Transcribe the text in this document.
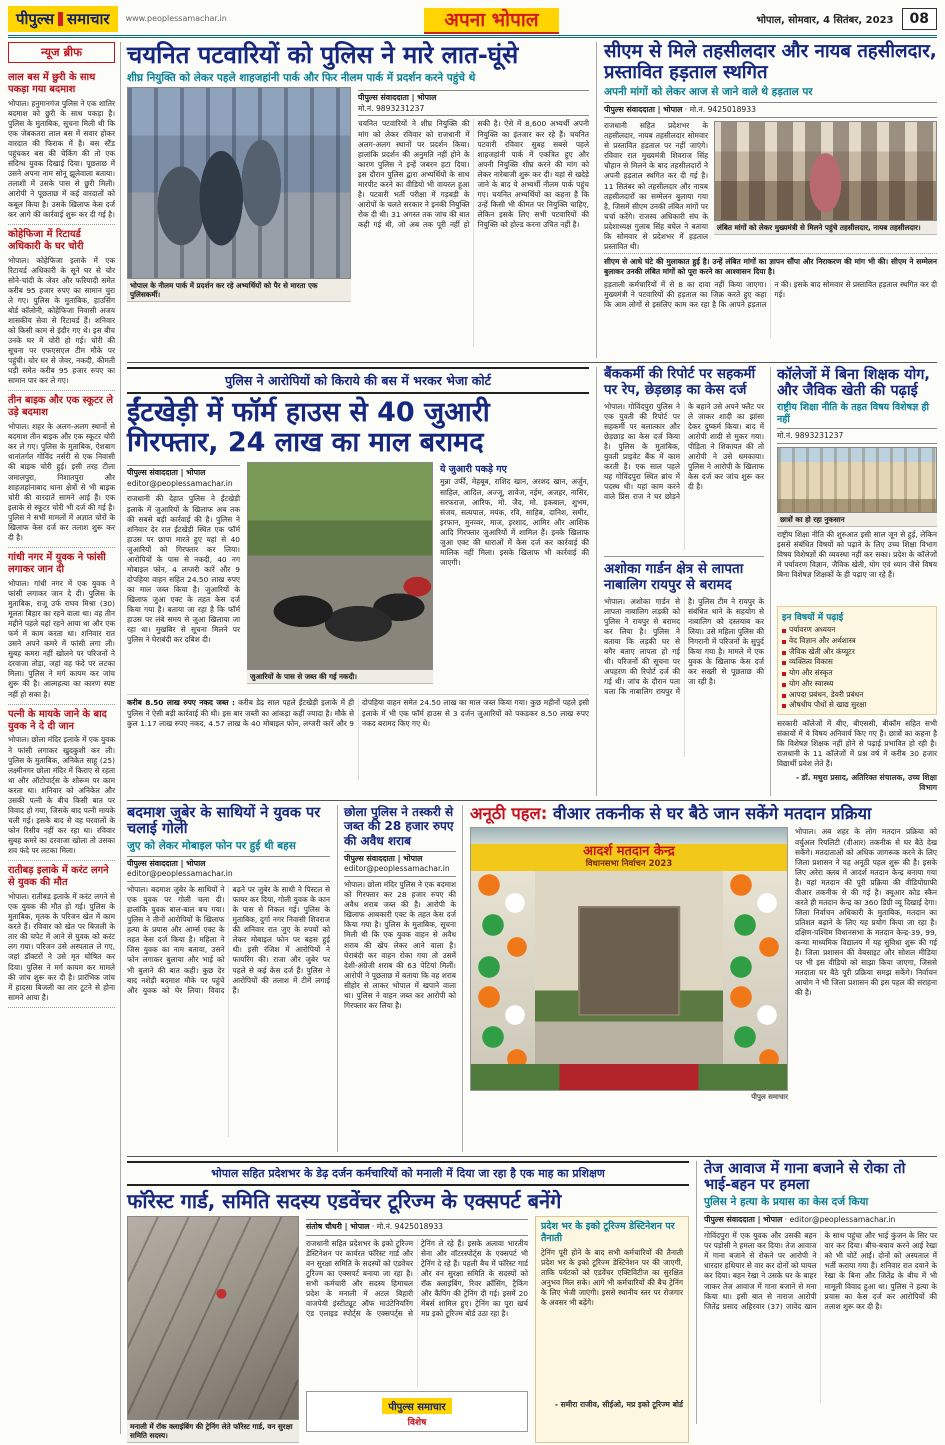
पीपुल्स समाचार www.peoplessamachar.in	अपना भोपाल	भोपाल, सोमवार, 4 सितंबर, 2023	08
न्यूज ब्रीफ
लाल बस में छुरी के साथ पकड़ा गया बदमाश
भोपाल। हनुमानगंज पुलिस ने एक शातिर बदमाश को छुरी के साथ पकड़ा है। पुलिस के मुताबिक, सूचना मिली थी कि एक जेबकतरा लाल बस में सवार होकर वारदात की फिराक में है। बस स्टैंड पहुंचकर बस की चेकिंग की तो एक संदिग्ध युवक दिखाई दिया। पूछताछ में उसने अपना नाम सोनू झूलेवाला बताया। तलाशी में उसके पास से छुरी मिली। आरोपी ने पूछताछ में कई वारदातों को कबूल किया है। उसके खिलाफ केस दर्ज कर आगे की कार्रवाई शुरू कर दी गई है।
कोहेफिजा में रिटायर्ड अधिकारी के घर चोरी
भोपाल। कोहेफिजा इलाके में एक रिटायर्ड अधिकारी के सूने घर से चोर सोने-चांदी के जेवर और फरियादी समेत करीब 95 हजार रुपए का सामान चुरा ले गए। पुलिस के मुताबिक, हाउसिंग बोर्ड कॉलोनी, कोहेफिजा निवासी अजय शासकीय सेवा से रिटायर्ड हैं। शनिवार को किसी काम से इंदौर गए थे। इस बीच उनके घर में चोरी हो गई। चोरी की सूचना पर एफएसएल टीम मौके पर पहुंची। चोर घर से जेवर, नकदी, कीमती घड़ी समेत करीब 95 हजार रुपए का सामान पार कर ले गए।
तीन बाइक और एक स्कूटर ले उड़े बदमाश
भोपाल। शहर के अलग-अलग स्थानों से बदमाश तीन बाइक और एक स्कूटर चोरी कर ले गए। पुलिस के मुताबिक, ऐशबाग थानांतर्गत गोविंद नर्सरी से एक निवासी की बाइक चोरी हुई। इसी तरह टीला जमालपुरा, निशातपुरा और शाहजहांनाबाद थाना क्षेत्रों से भी बाइक चोरी की वारदातें सामने आई हैं। एक इलाके से स्कूटर चोरी भी दर्ज की गई है। पुलिस ने सभी मामलों में अज्ञात चोरों के खिलाफ केस दर्ज कर तलाश शुरू कर दी है।
गांधी नगर में युवक ने फांसी लगाकर जान दी
भोपाल। गांधी नगर में एक युवक ने फांसी लगाकर जान दे दी। पुलिस के मुताबिक, राजू उर्फ राघव मिश्रा (30) मूलतः बिहार का रहने वाला था। वह तीन महीने पहले यहां रहने आया था और एक फर्म में काम करता था। शनिवार रात उसने अपने कमरे में फांसी लगा ली। सुबह कमरा नहीं खोलने पर परिजनों ने दरवाजा तोड़ा, जहां वह फंदे पर लटका मिला। पुलिस ने मर्ग कायम कर जांच शुरू की है। आत्महत्या का कारण स्पष्ट नहीं हो सका है।
पत्नी के मायके जाने के बाद युवक ने दे दी जान
भोपाल। छोला मंदिर इलाके में एक युवक ने फांसी लगाकर खुदकुशी कर ली। पुलिस के मुताबिक, अनिकेत साहू (25) लक्ष्मीनगर छोला मंदिर में किराए से रहता था और ऑटोपार्ट्स के शोरूम पर काम करता था। शनिवार को अनिकेत और उसकी पत्नी के बीच किसी बात पर विवाद हो गया, जिसके बाद पत्नी मायके चली गई। इसके बाद से वह घरवालों के फोन रिसीव नहीं कर रहा था। रविवार सुबह कमरे का दरवाजा खोला तो उसका शव फंदे पर लटका मिला।
रातीबड़ इलाके में करंट लगने से युवक की मौत
भोपाल। रातीबड़ इलाके में करंट लगने से एक युवक की मौत हो गई। पुलिस के मुताबिक, मृतक के परिजन खेत में काम करते हैं। रविवार को खेत पर बिजली के तार की चपेट में आने से युवक को करंट लग गया। परिजन उसे अस्पताल ले गए, जहां डॉक्टरों ने उसे मृत घोषित कर दिया। पुलिस ने मर्ग कायम कर मामले की जांच शुरू कर दी है। प्रारंभिक जांच में हादसा बिजली का तार टूटने से होना सामने आया है।
चयनित पटवारियों को पुलिस ने मारे लात-घूंसे
शीघ्र नियुक्ति को लेकर पहले शाहजहांनी पार्क और फिर नीलम पार्क में प्रदर्शन करने पहुंचे थे
भोपाल के नीलम पार्क में प्रदर्शन कर रहे अभ्यर्थियों को पैर से मारता एक पुलिसकर्मी।
पीपुल्स संवाददाता | भोपाल
मो.नं. 9893231237
चयनित पटवारियों ने शीघ्र नियुक्ति की मांग को लेकर रविवार को राजधानी में अलग-अलग स्थानों पर प्रदर्शन किया। हालांकि प्रदर्शन की अनुमति नहीं होने के कारण पुलिस ने इन्हें जबरन हटा दिया। इस दौरान पुलिस द्वारा अभ्यर्थियों के साथ मारपीट करने का वीडियो भी वायरल हुआ है। पटवारी भर्ती परीक्षा में गड़बड़ी के आरोपों के चलते सरकार ने इनकी नियुक्ति रोक दी थी। 31 अगस्त तक जांच की बात कही गई थी, जो अब तक पूरी नहीं हो सकी है। ऐसे में 8,600 अभ्यर्थी अपनी नियुक्ति का इंतजार कर रहे हैं। चयनित पटवारी रविवार सुबह सबसे पहले शाहजहांनी पार्क में एकत्रित हुए और अपनी नियुक्ति शीघ्र करने की मांग को लेकर नारेबाजी शुरू कर दी। यहां से खदेड़े जाने के बाद ये अभ्यर्थी नीलम पार्क पहुंच गए। चयनित अभ्यर्थियों का कहना है कि उन्हें किसी भी कीमत पर नियुक्ति चाहिए, लेकिन इसके लिए सभी पटवारियों की नियुक्ति को होल्ड करना उचित नहीं है।
सीएम से मिले तहसीलदार और नायब तहसीलदार, प्रस्तावित हड़ताल स्थगित
अपनी मांगों को लेकर आज से जाने वाले थे हड़ताल पर
पीपुल्स संवाददाता | भोपाल · मो.नं. 9425018933
राजधानी सहित प्रदेशभर के तहसीलदार, नायब तहसीलदार सोमवार से प्रस्तावित हड़ताल पर नहीं जाएंगे। रविवार रात मुख्यमंत्री शिवराज सिंह चौहान से मिलने के बाद तहसीलदारों ने अपनी हड़ताल स्थगित कर दी गई है। 11 सितंबर को तहसीलदार और नायब तहसीलदारों का सम्मेलन बुलाया गया है, जिसमें सीएम उनकी लंबित मांगों पर चर्चा करेंगे। राजस्व अधिकारी संघ के प्रदेशाध्यक्ष गुलाब सिंह बघेल ने बताया कि सोमवार से प्रदेशभर में हड़ताल प्रस्तावित थी।
लंबित मांगों को लेकर मुख्यमंत्री से मिलने पहुंचे तहसीलदार, नायब तहसीलदार।
सीएम से आधे घंटे की मुलाकात हुई है। उन्हें लंबित मांगों का ज्ञापन सौंपा और निराकरण की मांग भी की। सीएम ने सम्मेलन बुलाकर उनकी लंबित मांगों को पूरा करने का आश्वासन दिया है।
हड़ताली कर्मचारियों में से 8 का दावा नहीं किया जाएगा। मुख्यमंत्री ने पटवारियों की हड़ताल का जिक्र करते हुए कहा कि आम लोगों से इसलिए काम कर रहा है कि आपने हड़ताल न की। इसके बाद सोमवार से प्रस्तावित हड़ताल स्थगित कर दी गई।
पुलिस ने आरोपियों को किराये की बस में भरकर भेजा कोर्ट
ईंटखेड़ी में फॉर्म हाउस से 40 जुआरी गिरफ्तार, 24 लाख का माल बरामद
पीपुल्स संवाददाता | भोपाल
editor@peoplessamachar.in
राजधानी की देहात पुलिस ने ईंटखेड़ी इलाके में जुआरियों के खिलाफ अब तक की सबसे बड़ी कार्रवाई की है। पुलिस ने शनिवार देर रात ईंटखेड़ी स्थित एक फॉर्म हाउस पर छापा मारते हुए यहां से 40 जुआरियों को गिरफ्तार कर लिया। आरोपियों के पास से नकदी, 40 नग मोबाइल फोन, 4 लग्जरी कारें और 9 दोपहिया वाहन सहित 24.50 लाख रुपए का माल जब्त किया है। जुआरियों के खिलाफ जुआ एक्ट के तहत केस दर्ज किया गया है। बताया जा रहा है कि फॉर्म हाउस पर लंबे समय से जुआ खिलाया जा रहा था। मुखबिर से सूचना मिलने पर पुलिस ने घेराबंदी कर दबिश दी।
जुआरियों के पास से जब्त की गई नकदी।
ये जुआरी पकड़े गए
मुन्ना उर्फी, मेहबूब, राशिद खान, अरशद खान, अर्जुन, साहिल, आदिल, अज्जू, शावेज, नईम, अजहर, नासिर, सरफराज, आरिफ, मो. जैद, मो. इकबाल, शुभम, संजय, सत्यपाल, मयंक, रवि, साहिब, दानिश, समीर, इरफान, मुनव्वर, माज, इरशाद, आमिर और आशिक आदि गिरफ्तार जुआरियों में शामिल हैं। इनके खिलाफ जुआ एक्ट की धाराओं में केस दर्ज कर कार्रवाई की मालिक नहीं मिला। इसके खिलाफ भी कार्रवाई की जाएगी।
करीब 8.50 लाख रुपए नकद जब्त : करीब डेढ़ साल पहले ईंटखेड़ी इलाके में ही पुलिस ने ऐसी बड़ी कार्रवाई की थी। इस बार जब्ती का आंकड़ा कहीं ज्यादा है। मौके से कुल 1.17 लाख रुपए नकद, 4.57 लाख के 40 मोबाइल फोन, लग्जरी कारें और 9 दोपहिया वाहन समेत 24.50 लाख का माल जब्त किया गया। कुछ महीनों पहले इसी इलाके में भी एक फॉर्म हाउस से 3 दर्जन जुआरियों को पकड़कर 8.50 लाख रुपए नकद बरामद किए गए थे।
बैंककर्मी की रिपोर्ट पर सहकर्मी पर रेप, छेड़छाड़ का केस दर्ज
भोपाल। गोविंदपुरा पुलिस ने एक युवती की रिपोर्ट पर सहकर्मी पर बलात्कार और छेड़छाड़ का केस दर्ज किया है। पुलिस के मुताबिक, युवती प्राइवेट बैंक में काम करती है। एक साल पहले यह गोविंदपुरा स्थित ब्रांच में पदस्थ थी। यहां काम करने वाले प्रिंस राज ने घर छोड़ने के बहाने उसे अपने फ्लैट पर ले जाकर शादी का झांसा देकर दुष्कर्म किया। बाद में आरोपी शादी से मुकर गया। पीड़िता ने शिकायत की तो आरोपी ने उसे धमकाया। पुलिस ने आरोपी के खिलाफ केस दर्ज कर जांच शुरू कर दी है।
अशोका गार्डन क्षेत्र से लापता नाबालिग रायपुर से बरामद
भोपाल। अशोका गार्डन से लापता नाबालिग लड़की को पुलिस ने रायपुर से बरामद कर लिया है। पुलिस ने बताया कि लड़की घर से बगैर बताए लापता हो गई थी। परिजनों की सूचना पर अपहरण की रिपोर्ट दर्ज की गई थी। जांच के दौरान पता चला कि नाबालिग रायपुर में है। पुलिस टीम ने रायपुर के संबंधित थाने के सहयोग से नाबालिग को दस्तयाब कर लिया। उसे महिला पुलिस की निगरानी में परिजनों के सुपुर्द किया गया है। मामले में एक युवक के खिलाफ केस दर्ज कर सख्ती से पूछताछ की जा रही है।
कॉलेजों में बिना शिक्षक योग, और जैविक खेती की पढ़ाई
राष्ट्रीय शिक्षा नीति के तहत विषय विशेषज्ञ ही नहीं
मो.नं. 9893231237
छात्रों का हो रहा नुकसान
राष्ट्रीय शिक्षा नीति की शुरुआत इसी साल जून से हुई, लेकिन इससे संबंधित विषयों को पढ़ाने के लिए उच्च शिक्षा विभाग विषय विशेषज्ञों की व्यवस्था नहीं कर सका। प्रदेश के कॉलेजों में पर्यावरण विज्ञान, जैविक खेती, योग एवं ध्यान जैसे विषय बिना विशेषज्ञ शिक्षकों के ही पढ़ाए जा रहे हैं।
इन विषयों में पढ़ाई
पर्यावरण अध्ययन
वेद विज्ञान और अर्थशास्त्र
जैविक खेती और कंप्यूटर
व्यक्तित्व विकास
योग और संस्कृत
योग और स्वास्थ्य
आपदा प्रबंधन, डेयरी प्रबंधन
औषधीय पौधों से खाद्य सुरक्षा
सरकारी कॉलेजों में बीए, बीएससी, बीकॉम सहित सभी संकायों में ये विषय अनिवार्य किए गए हैं। छात्रों का कहना है कि विशेषज्ञ शिक्षक नहीं होने से पढ़ाई प्रभावित हो रही है। राजधानी के 11 कॉलेजों में प्रश्न वर्ष में करीब 30 हजार विद्यार्थी प्रवेश लेते हैं।
- डॉ. मथुरा प्रसाद, अतिरिक्त संचालक, उच्च शिक्षा विभाग
बदमाश जुबेर के साथियों ने युवक पर चलाई गोली
जुए को लेकर मोबाइल फोन पर हुई थी बहस
पीपुल्स संवाददाता | भोपाल
editor@peoplessamachar.in
भोपाल। बदमाश जुबेर के साथियों ने एक युवक पर गोली चला दी। हालांकि युवक बाल-बाल बच गया। पुलिस ने तीनों आरोपियों के खिलाफ हत्या के प्रयास और आर्म्स एक्ट के तहत केस दर्ज किया है। महिला ने जिस युवक का नाम बताया, उसने फोन लगाकर बुलाया और भाई को भी बुलाने की बात कही। कुछ देर बाद नशेड़ी बदमाश मौके पर पहुंचे और युवक को घेर लिया। विवाद बढ़ने पर जुबेर के साथी ने पिस्टल से फायर कर दिया, गोली युवक के कान के पास से निकल गई। पुलिस के मुताबिक, दुर्गा नगर निवासी शिवराज की शनिवार रात जुए के रुपयों को लेकर मोबाइल फोन पर बहस हुई थी। इसी रंजिश में आरोपियों ने फायरिंग की। राजा और जुबेर पर पहले से कई केस दर्ज हैं। पुलिस ने आरोपियों की तलाश में टीमें लगाई हैं।
छोला पुलिस ने तस्करी से जब्त की 28 हजार रुपए की अवैध शराब
पीपुल्स संवाददाता | भोपाल
editor@peoplessamachar.in
भोपाल। छोला मंदिर पुलिस ने एक बदमाश को गिरफ्तार कर 28 हजार रुपए की अवैध शराब जब्त की है। आरोपी के खिलाफ आबकारी एक्ट के तहत केस दर्ज किया गया है। पुलिस के मुताबिक, सूचना मिली थी कि एक युवक वाहन से अवैध शराब की खेप लेकर आने वाला है। घेराबंदी कर वाहन रोका गया तो उसमें देशी-अंग्रेजी शराब की 63 पेटियां मिलीं। आरोपी ने पूछताछ में बताया कि वह शराब सीहोर से लाकर भोपाल में खपाने वाला था। पुलिस ने वाहन जब्त कर आरोपी को गिरफ्तार कर लिया है।
अनूठी पहल: वीआर तकनीक से घर बैठे जान सकेंगे मतदान प्रक्रिया
आदर्श मतदान केन्द्र
विधानसभा निर्वाचन 2023
पीपुल समाचार
भोपाल। अब शहर के लोग मतदान प्रक्रिया को वर्चुअल रियलिटी (वीआर) तकनीक से घर बैठे देख सकेंगे। मतदाताओं को अधिक जागरूक करने के लिए जिला प्रशासन ने यह अनूठी पहल शुरू की है। इसके लिए अरेरा क्लब में आदर्श मतदान केन्द्र बनाया गया है। यहां मतदान की पूरी प्रक्रिया की वीडियोग्राफी वीआर तकनीक से की गई है। क्यूआर कोड स्कैन करते ही मतदान केन्द्र का 360 डिग्री व्यू दिखाई देगा। जिला निर्वाचन अधिकारी के मुताबिक, मतदान का प्रतिशत बढ़ाने के लिए यह प्रयोग किया जा रहा है। दक्षिण-पश्चिम विधानसभा के मतदान केन्द्र-39, 99, कन्या माध्यमिक विद्यालय में यह सुविधा शुरू की गई है। जिला प्रशासन की वेबसाइट और सोशल मीडिया पर भी इस वीडियो को साझा किया जाएगा, जिससे मतदाता घर बैठे पूरी प्रक्रिया समझ सकेंगे। निर्वाचन आयोग ने भी जिला प्रशासन की इस पहल की सराहना की है।
भोपाल सहित प्रदेशभर के डेढ़ दर्जन कर्मचारियों को मनाली में दिया जा रहा है एक माह का प्रशिक्षण
फॉरेस्ट गार्ड, समिति सदस्य एडवेंचर टूरिज्म के एक्सपर्ट बनेंगे
मनाली में रॉक क्लाइंबिंग की ट्रेनिंग लेते फॉरेस्ट गार्ड, वन सुरक्षा समिति सदस्य।
संतोष चौधरी | भोपाल · मो.नं. 9425018933
राजधानी सहित प्रदेशभर के इको टूरिज्म डेस्टिनेशन पर कार्यरत फॉरेस्ट गार्ड और वन सुरक्षा समिति के सदस्यों को एडवेंचर टूरिज्म का एक्सपर्ट बनाया जा रहा है। सभी कर्मचारी और सदस्य हिमाचल प्रदेश के मनाली में अटल बिहारी वाजपेयी इंस्टीट्यूट ऑफ माउंटेनियरिंग एंड एलाइड स्पोर्ट्स के एक्सपर्ट्स से ट्रेनिंग ले रहे हैं। इसके अलावा भारतीय सेना और वॉटरस्पोर्ट्स के एक्सपर्ट भी ट्रेनिंग दे रहे हैं। पहली बैच में फॉरेस्ट गार्ड और वन सुरक्षा समिति के सदस्यों को रॉक क्लाइंबिंग, रिवर क्रॉसिंग, ट्रैकिंग और कैंपिंग की ट्रेनिंग दी गई। इसमें 20 मेंबर्स शामिल हुए। ट्रेनिंग का पूरा खर्च मप्र इको टूरिज्म बोर्ड उठा रहा है।
पीपुल्स समाचार
विशेष
प्रदेश भर के इको टूरिज्म डेस्टिनेशन पर तैनाती
ट्रेनिंग पूरी होने के बाद सभी कर्मचारियों की तैनाती प्रदेश भर के इको टूरिज्म डेस्टिनेशन पर की जाएगी, ताकि पर्यटकों को एडवेंचर एक्टिविटीज का सुरक्षित अनुभव मिल सके। आगे भी कर्मचारियों की बैच ट्रेनिंग के लिए भेजी जाएंगी। इससे स्थानीय स्तर पर रोजगार के अवसर भी बढ़ेंगे।
- समीरा राजीव, सीईओ, मप्र इको टूरिज्म बोर्ड
तेज आवाज में गाना बजाने से रोका तो भाई-बहन पर हमला
पुलिस ने हत्या के प्रयास का केस दर्ज किया
पीपुल्स संवाददाता | भोपाल · editor@peoplessamachar.in
गोविंदपुरा में एक युवक और उसकी बहन पर पड़ोसी ने हमला कर दिया। तेज आवाज में गाना बजाने से रोकने पर आरोपी ने धारदार हथियार से वार कर दोनों को घायल कर दिया। बहन रेखा ने उसके घर के बाहर जाकर तेज आवाज में गाना बजाने से मना किया था। इसी बात से नाराज आरोपी जितेंद्र प्रसाद अहिरवार (37) जावेद खान के साथ पहुंचा और भाई कुंजन के सिर पर वार कर दिया। बीच-बचाव करने आई रेखा को भी चोटें आईं। दोनों को अस्पताल में भर्ती कराया गया है। शनिवार रात दवाने के रेखा के बिना और जितेंद्र के बीच में भी मामूली विवाद हुआ था। पुलिस ने हत्या के प्रयास का केस दर्ज कर आरोपियों की तलाश शुरू कर दी है।
